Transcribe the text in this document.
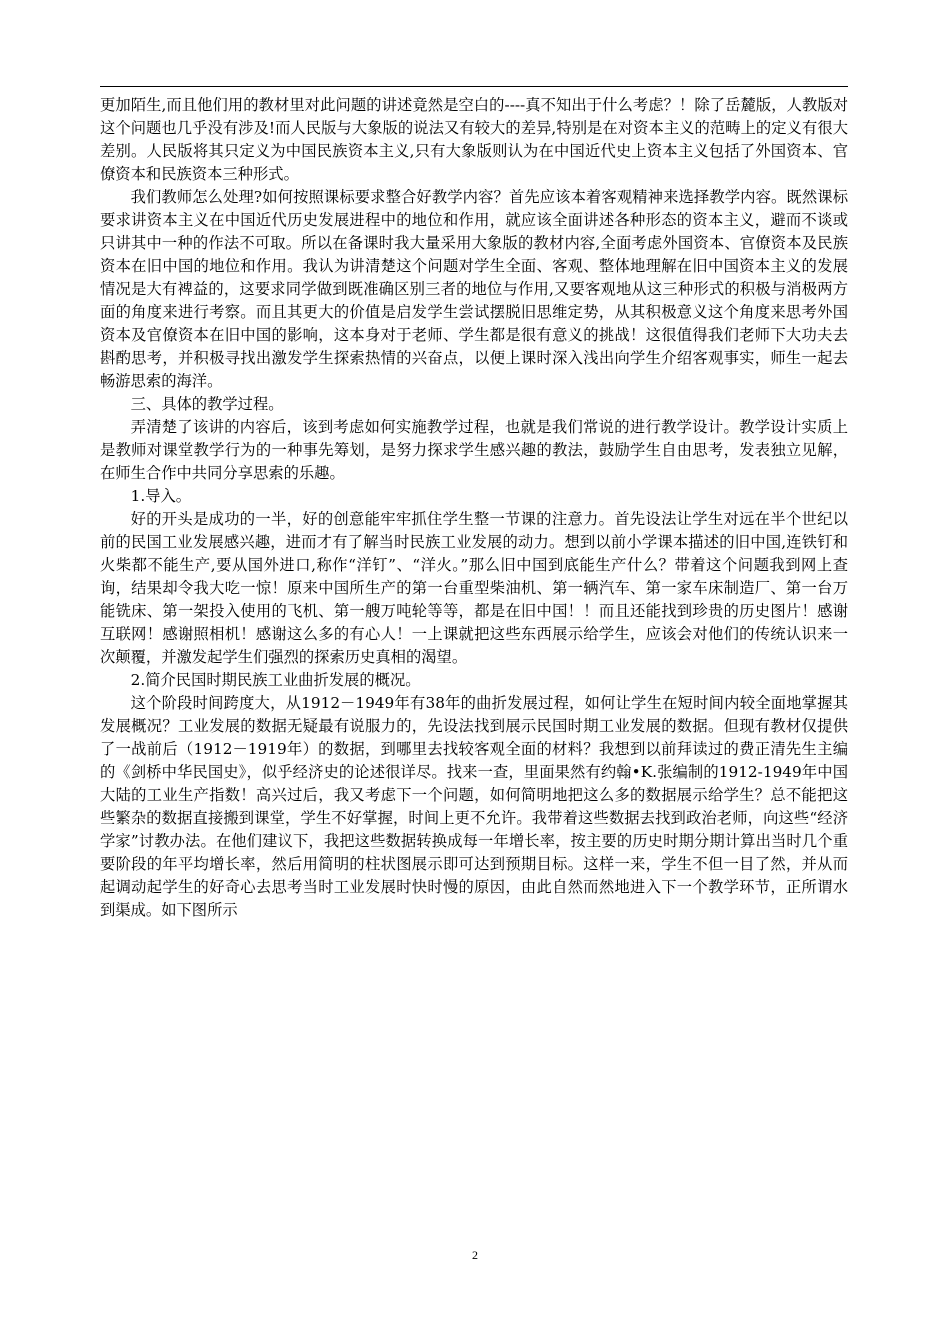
更加陌生,而且他们用的教材里对此问题的讲述竟然是空白的----真不知出于什么考虑？！除了岳麓版，人教版对这个问题也几乎没有涉及!而人民版与大象版的说法又有较大的差异,特别是在对资本主义的范畴上的定义有很大差别。人民版将其只定义为中国民族资本主义,只有大象版则认为在中国近代史上资本主义包括了外国资本、官僚资本和民族资本三种形式。

我们教师怎么处理?如何按照课标要求整合好教学内容？首先应该本着客观精神来选择教学内容。既然课标要求讲资本主义在中国近代历史发展进程中的地位和作用，就应该全面讲述各种形态的资本主义，避而不谈或只讲其中一种的作法不可取。所以在备课时我大量采用大象版的教材内容,全面考虑外国资本、官僚资本及民族资本在旧中国的地位和作用。我认为讲清楚这个问题对学生全面、客观、整体地理解在旧中国资本主义的发展情况是大有裨益的，这要求同学做到既准确区别三者的地位与作用,又要客观地从这三种形式的积极与消极两方面的角度来进行考察。而且其更大的价值是启发学生尝试摆脱旧思维定势，从其积极意义这个角度来思考外国资本及官僚资本在旧中国的影响，这本身对于老师、学生都是很有意义的挑战！这很值得我们老师下大功夫去斟酌思考，并积极寻找出激发学生探索热情的兴奋点，以便上课时深入浅出向学生介绍客观事实，师生一起去畅游思索的海洋。

三、具体的教学过程。

弄清楚了该讲的内容后，该到考虑如何实施教学过程，也就是我们常说的进行教学设计。教学设计实质上是教师对课堂教学行为的一种事先筹划，是努力探求学生感兴趣的教法，鼓励学生自由思考，发表独立见解，在师生合作中共同分享思索的乐趣。

1.导入。

好的开头是成功的一半，好的创意能牢牢抓住学生整一节课的注意力。首先设法让学生对远在半个世纪以前的民国工业发展感兴趣，进而才有了解当时民族工业发展的动力。想到以前小学课本描述的旧中国,连铁钉和火柴都不能生产,要从国外进口,称作“洋钉”、“洋火。”那么旧中国到底能生产什么？带着这个问题我到网上查询，结果却令我大吃一惊！原来中国所生产的第一台重型柴油机、第一辆汽车、第一家车床制造厂、第一台万能铣床、第一架投入使用的飞机、第一艘万吨轮等等，都是在旧中国！！而且还能找到珍贵的历史图片！感谢互联网！感谢照相机！感谢这么多的有心人！一上课就把这些东西展示给学生，应该会对他们的传统认识来一次颠覆，并激发起学生们强烈的探索历史真相的渴望。

2.简介民国时期民族工业曲折发展的概况。

这个阶段时间跨度大，从1912－1949年有38年的曲折发展过程，如何让学生在短时间内较全面地掌握其发展概况？工业发展的数据无疑最有说服力的，先设法找到展示民国时期工业发展的数据。但现有教材仅提供了一战前后（1912－1919年）的数据，到哪里去找较客观全面的材料？我想到以前拜读过的费正清先生主编的《剑桥中华民国史》，似乎经济史的论述很详尽。找来一查，里面果然有约翰•K.张编制的1912-1949年中国大陆的工业生产指数！高兴过后，我又考虑下一个问题，如何简明地把这么多的数据展示给学生？总不能把这些繁杂的数据直接搬到课堂，学生不好掌握，时间上更不允许。我带着这些数据去找到政治老师，向这些“经济学家”讨教办法。在他们建议下，我把这些数据转换成每一年增长率，按主要的历史时期分期计算出当时几个重要阶段的年平均增长率，然后用简明的柱状图展示即可达到预期目标。这样一来，学生不但一目了然，并从而起调动起学生的好奇心去思考当时工业发展时快时慢的原因，由此自然而然地进入下一个教学环节，正所谓水到渠成。如下图所示

2
